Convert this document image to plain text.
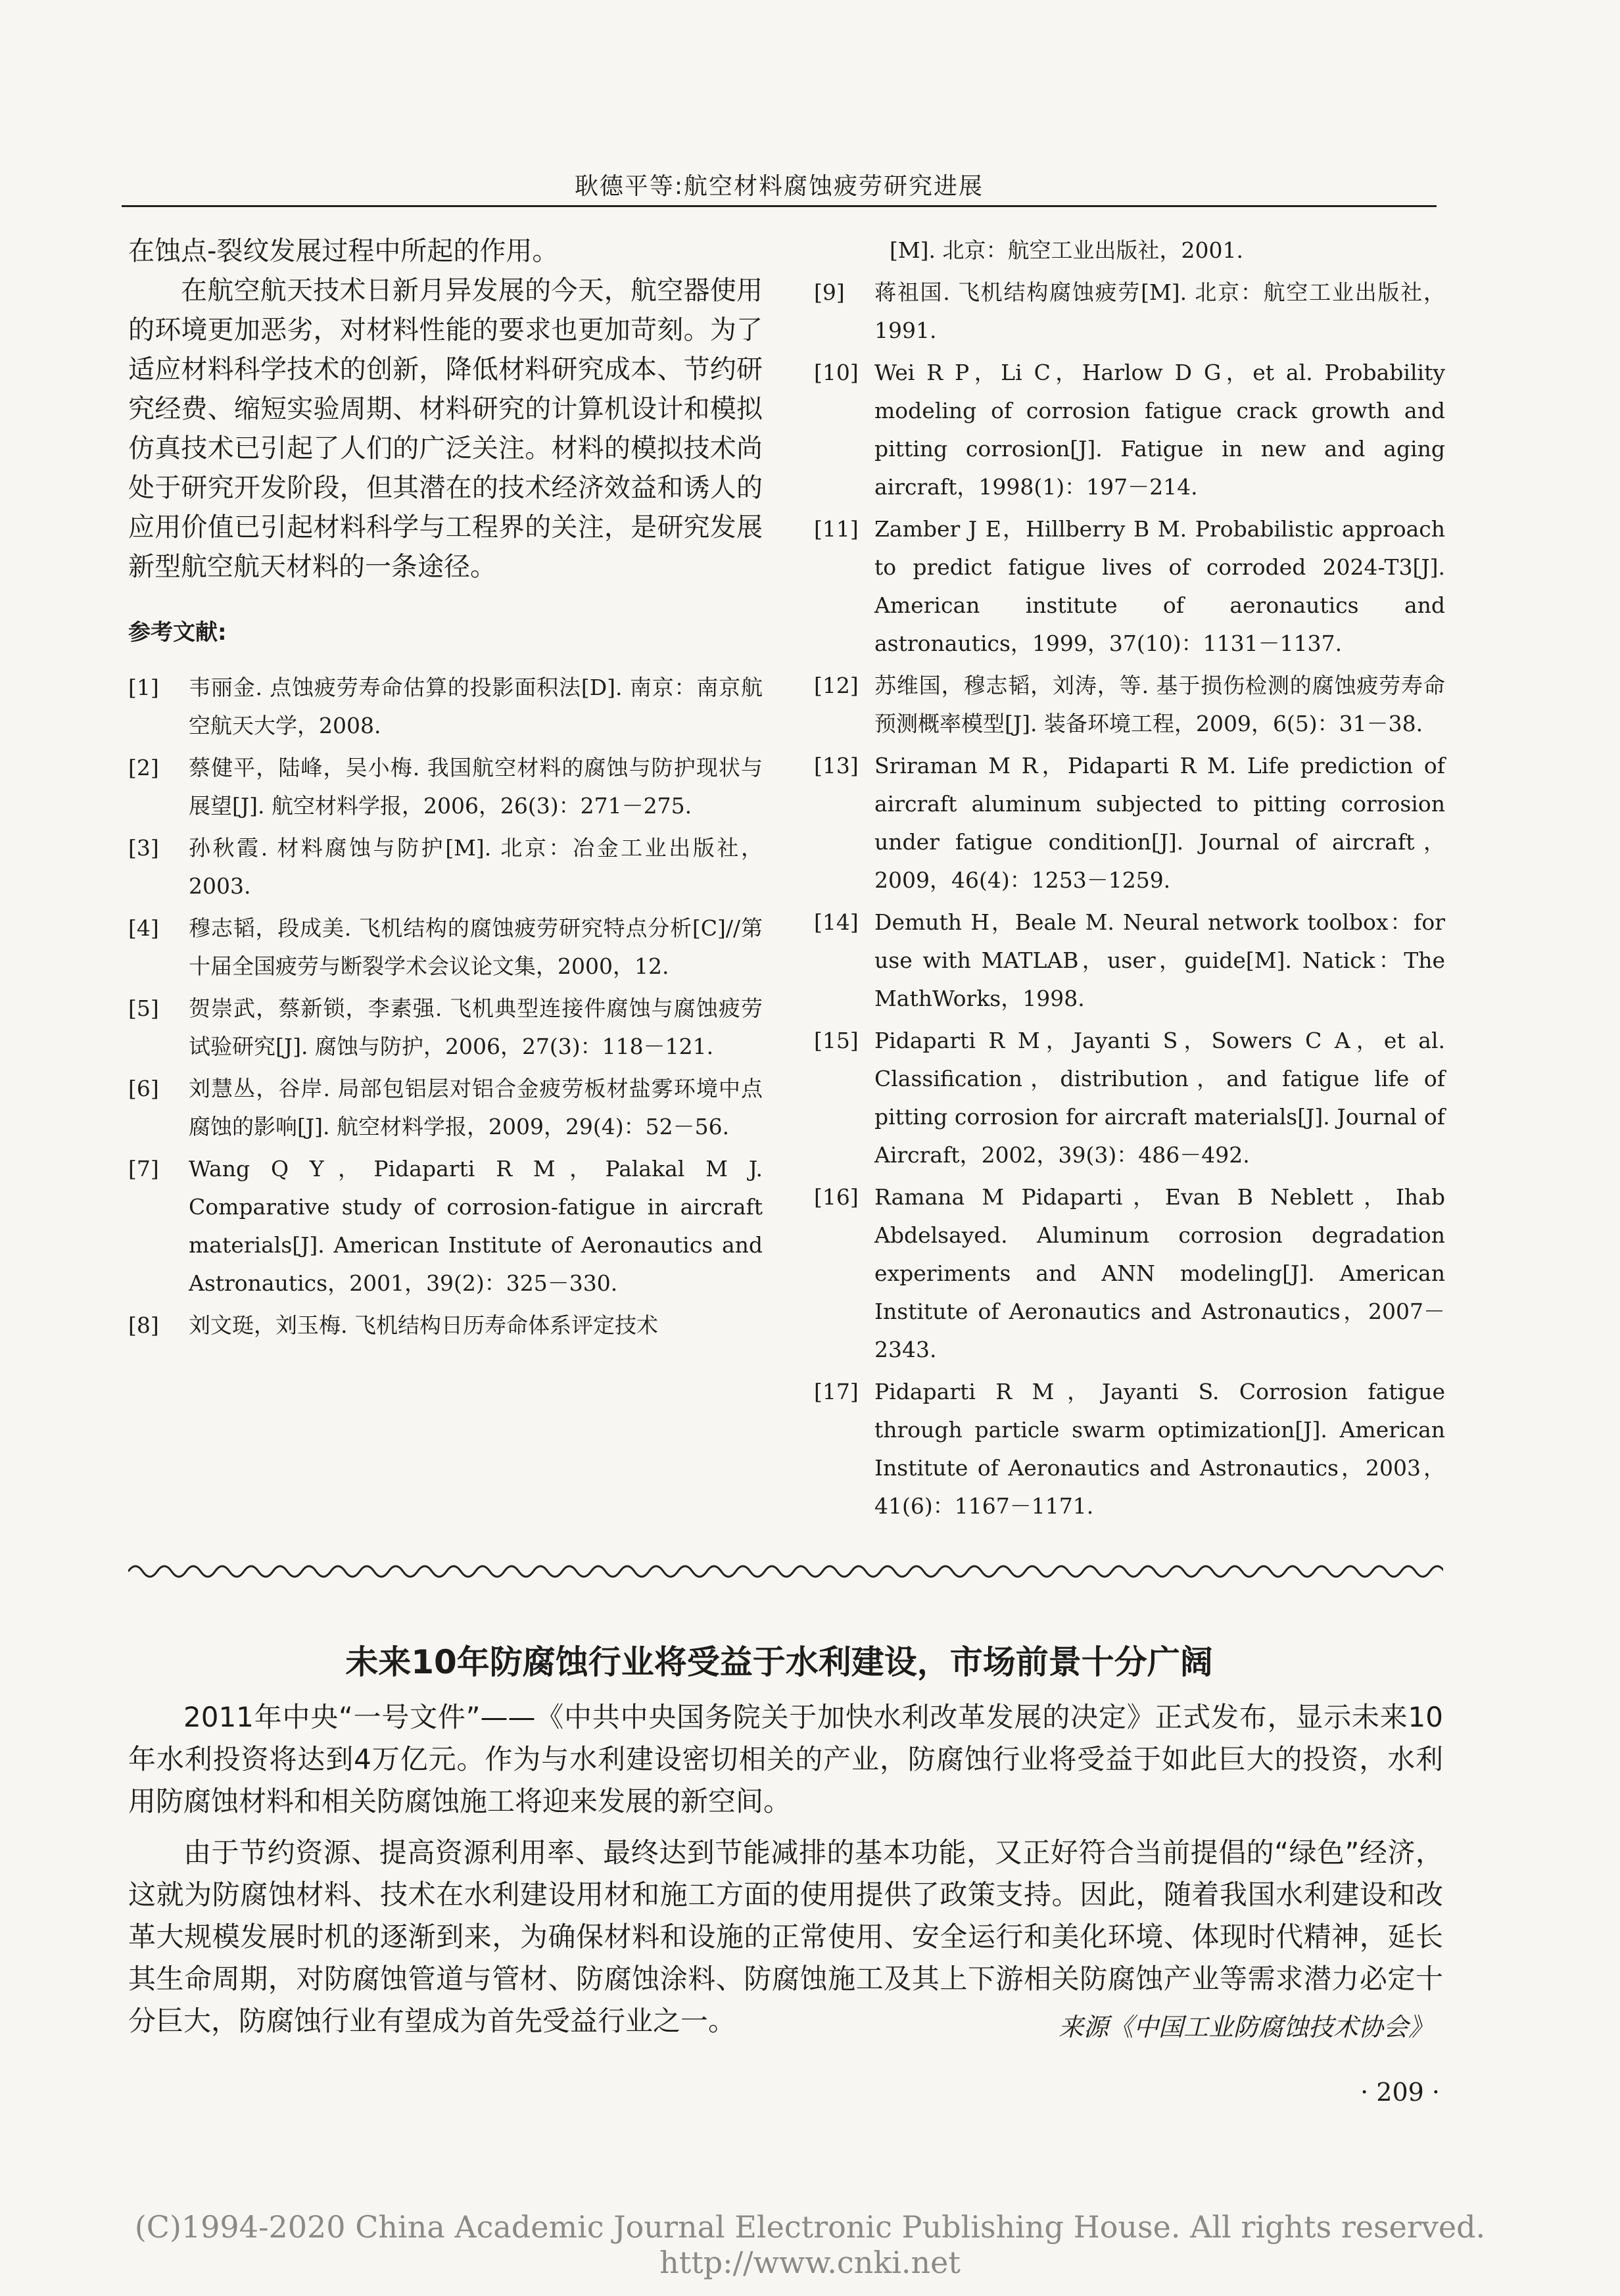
耿德平等:航空材料腐蚀疲劳研究进展

在蚀点-裂纹发展过程中所起的作用。

在航空航天技术日新月异发展的今天，航空器使用的环境更加恶劣，对材料性能的要求也更加苛刻。为了适应材料科学技术的创新，降低材料研究成本、节约研究经费、缩短实验周期、材料研究的计算机设计和模拟仿真技术已引起了人们的广泛关注。材料的模拟技术尚处于研究开发阶段，但其潜在的技术经济效益和诱人的应用价值已引起材料科学与工程界的关注，是研究发展新型航空航天材料的一条途径。

参考文献:
[1]	韦丽金. 点蚀疲劳寿命估算的投影面积法[D]. 南京：南京航空航天大学，2008.
[2]	蔡健平，陆峰，吴小梅. 我国航空材料的腐蚀与防护现状与展望[J]. 航空材料学报，2006，26(3)：271－275.
[3]	孙秋霞. 材料腐蚀与防护[M]. 北京：冶金工业出版社，2003.
[4]	穆志韬，段成美. 飞机结构的腐蚀疲劳研究特点分析[C]//第十届全国疲劳与断裂学术会议论文集，2000，12.
[5]	贺崇武，蔡新锁，李素强. 飞机典型连接件腐蚀与腐蚀疲劳试验研究[J]. 腐蚀与防护，2006，27(3)：118－121.
[6]	刘慧丛，谷岸. 局部包铝层对铝合金疲劳板材盐雾环境中点腐蚀的影响[J]. 航空材料学报，2009，29(4)：52－56.
[7]	Wang Q Y，Pidaparti R M，Palakal M J. Comparative study of corrosion-fatigue in aircraft materials[J]. American Institute of Aeronautics and Astronautics，2001，39(2)：325－330.
[8]	刘文珽，刘玉梅. 飞机结构日历寿命体系评定技术
[M]. 北京：航空工业出版社，2001.
[9]	蒋祖国. 飞机结构腐蚀疲劳[M]. 北京：航空工业出版社，1991.
[10] Wei R P，Li C，Harlow D G，et al. Probability modeling of corrosion fatigue crack growth and pitting corrosion[J]. Fatigue in new and aging aircraft，1998(1)：197－214.
[11] Zamber J E，Hillberry B M. Probabilistic approach to predict fatigue lives of corroded 2024-T3[J]. American institute of aeronautics and astronautics，1999，37(10)：1131－1137.
[12] 苏维国，穆志韬，刘涛，等. 基于损伤检测的腐蚀疲劳寿命预测概率模型[J]. 装备环境工程，2009，6(5)：31－38.
[13] Sriraman M R，Pidaparti R M. Life prediction of aircraft aluminum subjected to pitting corrosion under fatigue condition[J]. Journal of aircraft，2009，46(4)：1253－1259.
[14] Demuth H，Beale M. Neural network toolbox：for use with MATLAB，user，guide[M]. Natick：The MathWorks，1998.
[15] Pidaparti R M，Jayanti S，Sowers C A，et al. Classification，distribution，and fatigue life of pitting corrosion for aircraft materials[J]. Journal of Aircraft，2002，39(3)：486－492.
[16] Ramana M Pidaparti，Evan B Neblett，Ihab Abdelsayed. Aluminum corrosion degradation experiments and ANN modeling[J]. American Institute of Aeronautics and Astronautics，2007－2343.
[17] Pidaparti R M，Jayanti S. Corrosion fatigue through particle swarm optimization[J]. American Institute of Aeronautics and Astronautics，2003，41(6)：1167－1171.
未来10年防腐蚀行业将受益于水利建设，市场前景十分广阔

2011年中央“一号文件”——《中共中央国务院关于加快水利改革发展的决定》正式发布，显示未来10年水利投资将达到4万亿元。作为与水利建设密切相关的产业，防腐蚀行业将受益于如此巨大的投资，水利用防腐蚀材料和相关防腐蚀施工将迎来发展的新空间。

由于节约资源、提高资源利用率、最终达到节能减排的基本功能，又正好符合当前提倡的“绿色”经济，这就为防腐蚀材料、技术在水利建设用材和施工方面的使用提供了政策支持。因此，随着我国水利建设和改革大规模发展时机的逐渐到来，为确保材料和设施的正常使用、安全运行和美化环境、体现时代精神，延长其生命周期，对防腐蚀管道与管材、防腐蚀涂料、防腐蚀施工及其上下游相关防腐蚀产业等需求潜力必定十分巨大，防腐蚀行业有望成为首先受益行业之一。	来源《中国工业防腐蚀技术协会》
· 209 ·
(C)1994-2020 China Academic Journal Electronic Publishing House. All rights reserved. http://www.cnki.net
